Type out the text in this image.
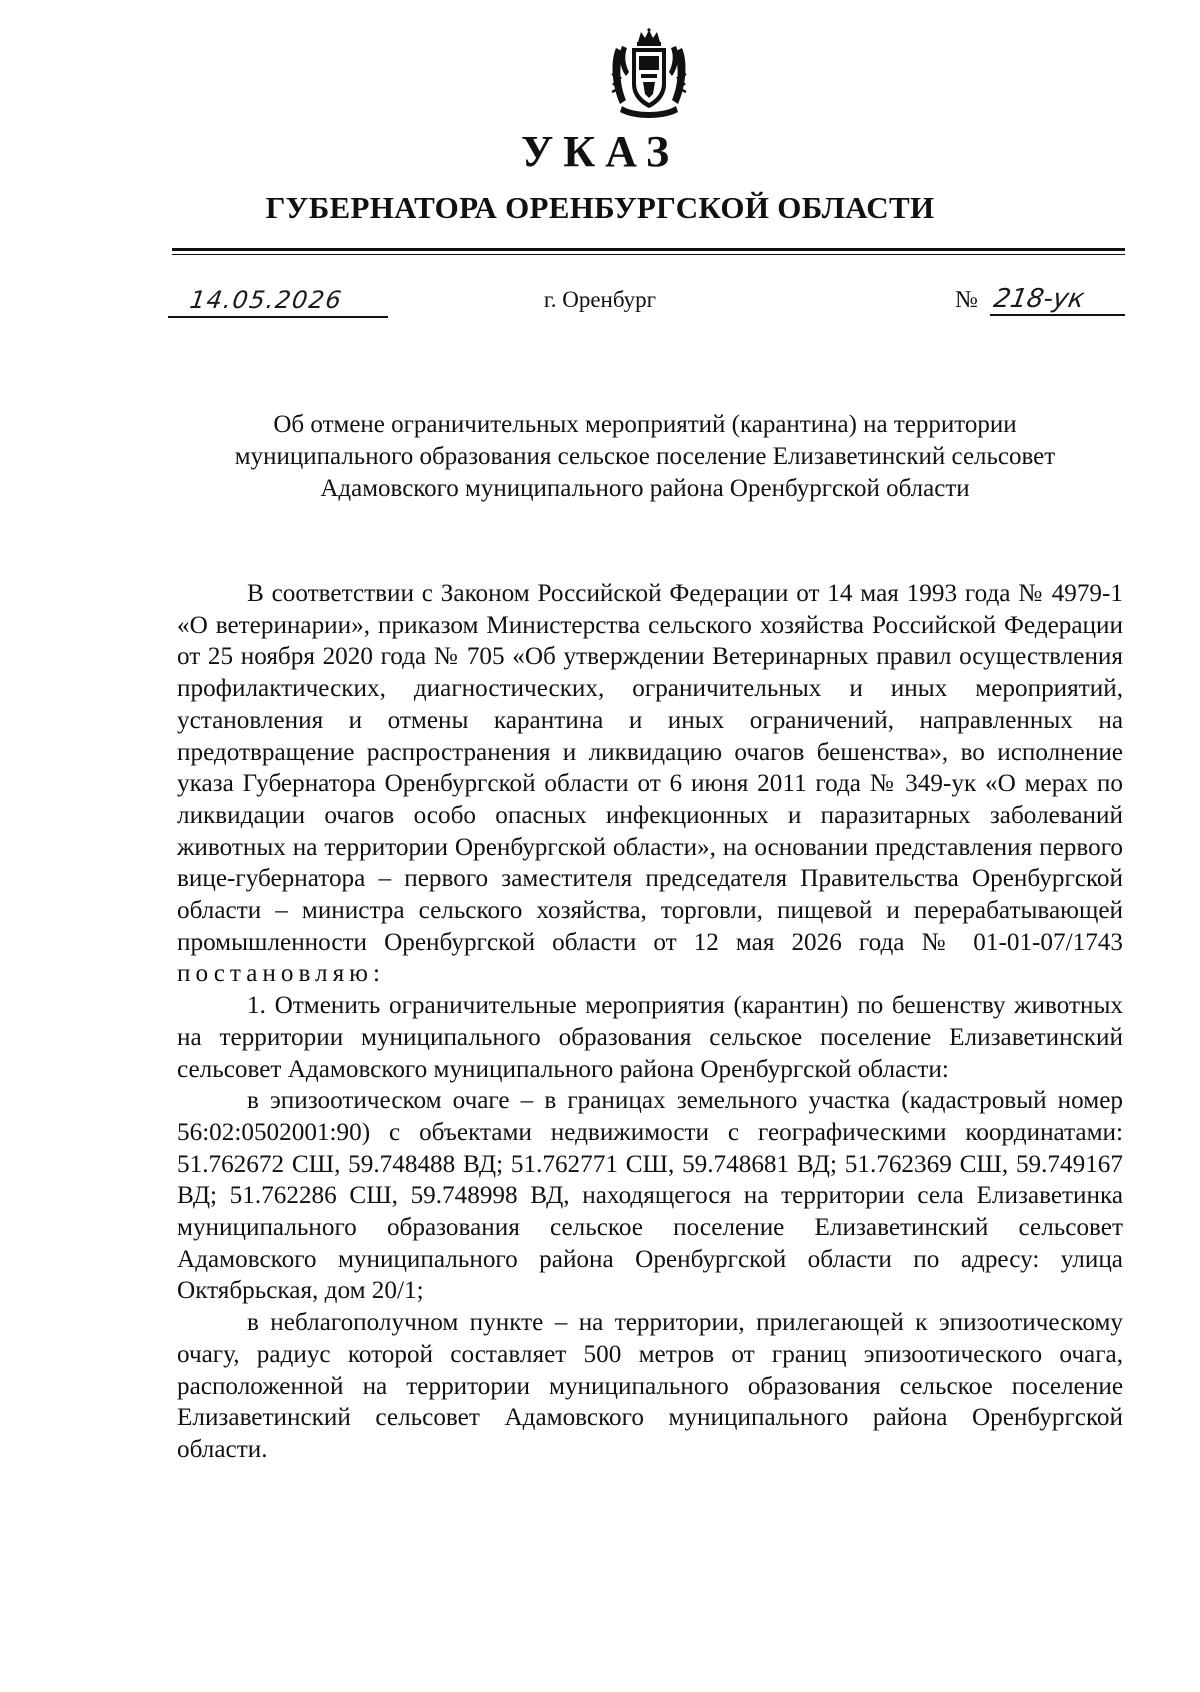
УКАЗ
ГУБЕРНАТОРА ОРЕНБУРГСКОЙ ОБЛАСТИ
14.05.2026	г. Оренбург	№ 218-ук
Об отмене ограничительных мероприятий (карантина) на территории
муниципального образования сельское поселение Елизаветинский сельсовет
Адамовского муниципального района Оренбургской области

В соответствии с Законом Российской Федерации от 14 мая 1993 года № 4979-1 «О ветеринарии», приказом Министерства сельского хозяйства Российской Федерации от 25 ноября 2020 года № 705 «Об утверждении Ветеринарных правил осуществления профилактических, диагностических, ограничительных и иных мероприятий, установления и отмены карантина и иных ограничений, направленных на предотвращение распространения и ликвидацию очагов бешенства», во исполнение указа Губернатора Оренбургской области от 6 июня 2011 года № 349-ук «О мерах по ликвидации очагов особо опасных инфекционных и паразитарных заболеваний животных на территории Оренбургской области», на основании представления первого вице-губернатора – первого заместителя председателя Правительства Оренбургской области – министра сельского хозяйства, торговли, пищевой и перерабатывающей промышленности Оренбургской области от 12 мая 2026 года № 01-01-07/1743 постановляю:

1. Отменить ограничительные мероприятия (карантин) по бешенству животных на территории муниципального образования сельское поселение Елизаветинский сельсовет Адамовского муниципального района Оренбургской области:

в эпизоотическом очаге – в границах земельного участка (кадастровый номер 56:02:0502001:90) с объектами недвижимости с географическими координатами: 51.762672 СШ, 59.748488 ВД; 51.762771 СШ, 59.748681 ВД; 51.762369 СШ, 59.749167 ВД; 51.762286 СШ, 59.748998 ВД, находящегося на территории села Елизаветинка муниципального образования сельское поселение Елизаветинский сельсовет Адамовского муниципального района Оренбургской области по адресу: улица Октябрьская, дом 20/1;

в неблагополучном пункте – на территории, прилегающей к эпизоотическому очагу, радиус которой составляет 500 метров от границ эпизоотического очага, расположенной на территории муниципального образования сельское поселение Елизаветинский сельсовет Адамовского муниципального района Оренбургской области.
